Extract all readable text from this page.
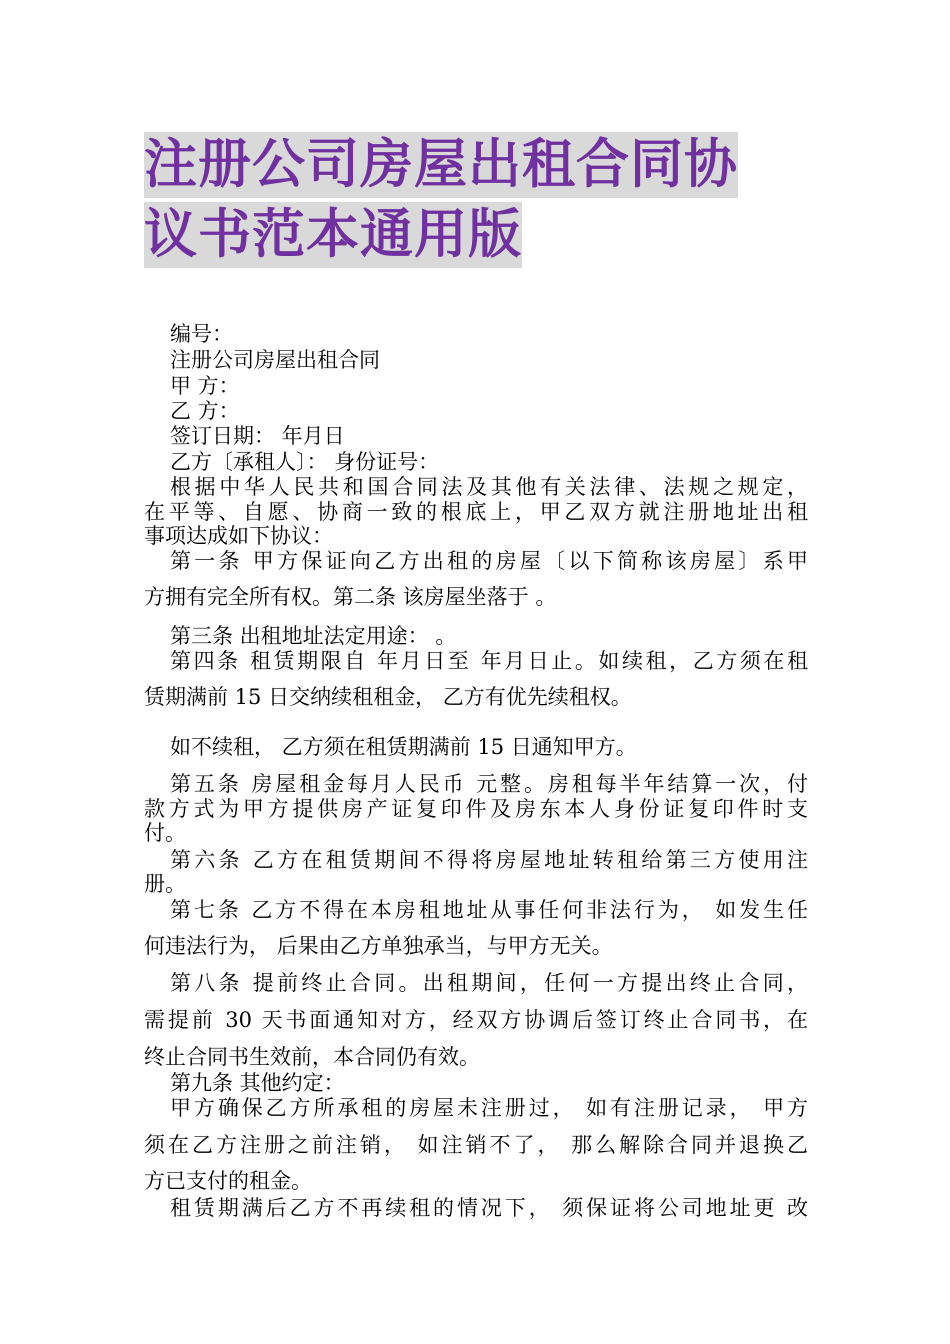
注册公司房屋出租合同协
议书范本通用版
编号：
注册公司房屋出租合同
甲 方：
乙 方：
签订日期： 年月日
乙方〔承租人〕： 身份证号：
根据中华人民共和国合同法及其他有关法律、法规之规定，
在平等、自愿、协商一致的根底上，甲乙双方就注册地址出租
事项达成如下协议：
第一条 甲方保证向乙方出租的房屋〔以下简称该房屋〕系甲
方拥有完全所有权。第二条 该房屋坐落于 。
第三条 出租地址法定用途： 。
第四条 租赁期限自 年月日至 年月日止。如续租，乙方须在租
赁期满前 15 日交纳续租租金， 乙方有优先续租权。
如不续租， 乙方须在租赁期满前 15 日通知甲方。
第五条 房屋租金每月人民币 元整。房租每半年结算一次，付
款方式为甲方提供房产证复印件及房东本人身份证复印件时支
付。
第六条 乙方在租赁期间不得将房屋地址转租给第三方使用注
册。
第七条 乙方不得在本房租地址从事任何非法行为， 如发生任
何违法行为， 后果由乙方单独承当，与甲方无关。
第八条 提前终止合同。出租期间，任何一方提出终止合同，
需提前 30 天书面通知对方，经双方协调后签订终止合同书，在
终止合同书生效前，本合同仍有效。
第九条 其他约定：
甲方确保乙方所承租的房屋未注册过， 如有注册记录， 甲方
须在乙方注册之前注销， 如注销不了， 那么解除合同并退换乙
方已支付的租金。
租赁期满后乙方不再续租的情况下， 须保证将公司地址更 改
